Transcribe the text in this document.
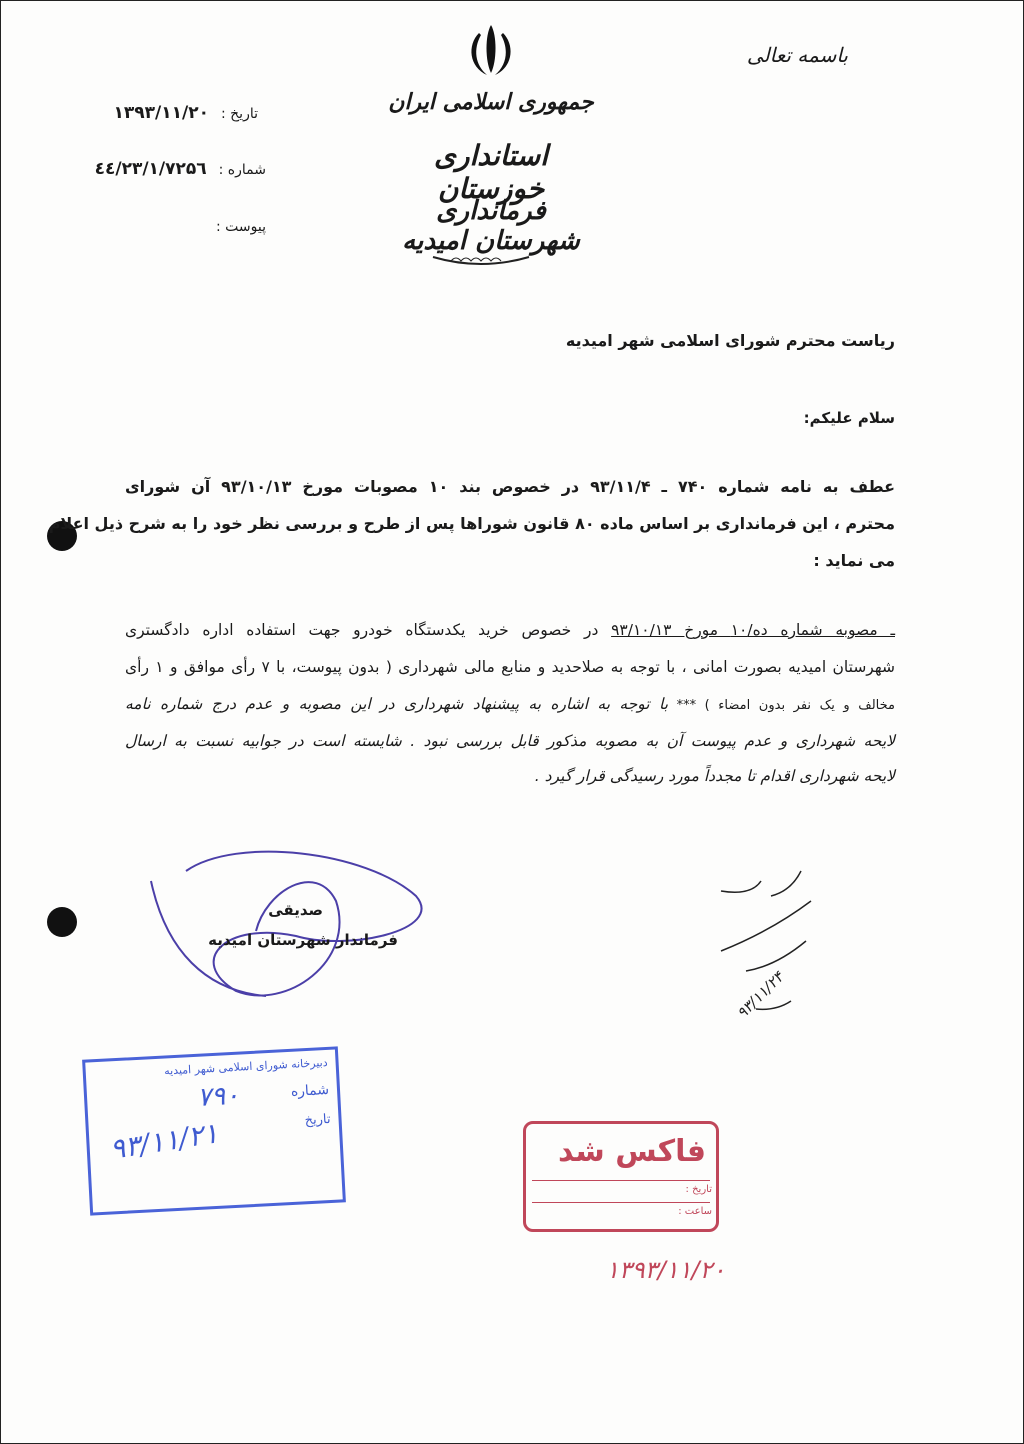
باسمه تعالی
جمهوری اسلامی ایران
استانداری خوزستان
فرمانداری شهرستان امیدیه
تاریخ :۱۳۹۳/۱۱/۲۰
شماره :٤٤/۲۳/۱/۷۲۵٦
پیوست :
ریاست محترم شورای اسلامی شهر امیدیه
سلام علیکم:
عطف به نامه شماره ۷۴۰ ـ ۹۳/۱۱/۴ در خصوص بند ۱۰ مصوبات مورخ ۹۳/۱۰/۱۳ آن شورای
محترم ، این فرمانداری بر اساس ماده ۸۰ قانون شوراها پس از طرح و بررسی نظر خود را به شرح ذیل اعلام
می نماید :
ـ مصوبه شماره ده/۱۰ مورخ ۹۳/۱۰/۱۳ در خصوص خرید یکدستگاه خودرو جهت استفاده اداره دادگستری
شهرستان امیدیه بصورت امانی ، با توجه به صلاحدید و منابع مالی شهرداری ( بدون پیوست، با ۷ رأی موافق و ۱ رأی
مخالف و یک نفر بدون امضاء ) *** با توجه به اشاره به پیشنهاد شهرداری در این مصوبه و عدم درج شماره نامه
لایحه شهرداری و عدم پیوست آن به مصوبه مذکور قابل بررسی نبود . شایسته است در جوابیه نسبت به ارسال
لایحه شهرداری اقدام تا مجدداً مورد رسیدگی قرار گیرد .
صدیقی
فرماندار شهرستان امیدیه
۹۳/۱۱/۲۴
دبیرخانه شورای اسلامی شهر امیدیه
شماره
۷۹۰
تاریخ
۹۳/۱۱/۲۱	فاکس شد
تاریخ :
ساعت :
۱۳۹۳/۱۱/۲۰
